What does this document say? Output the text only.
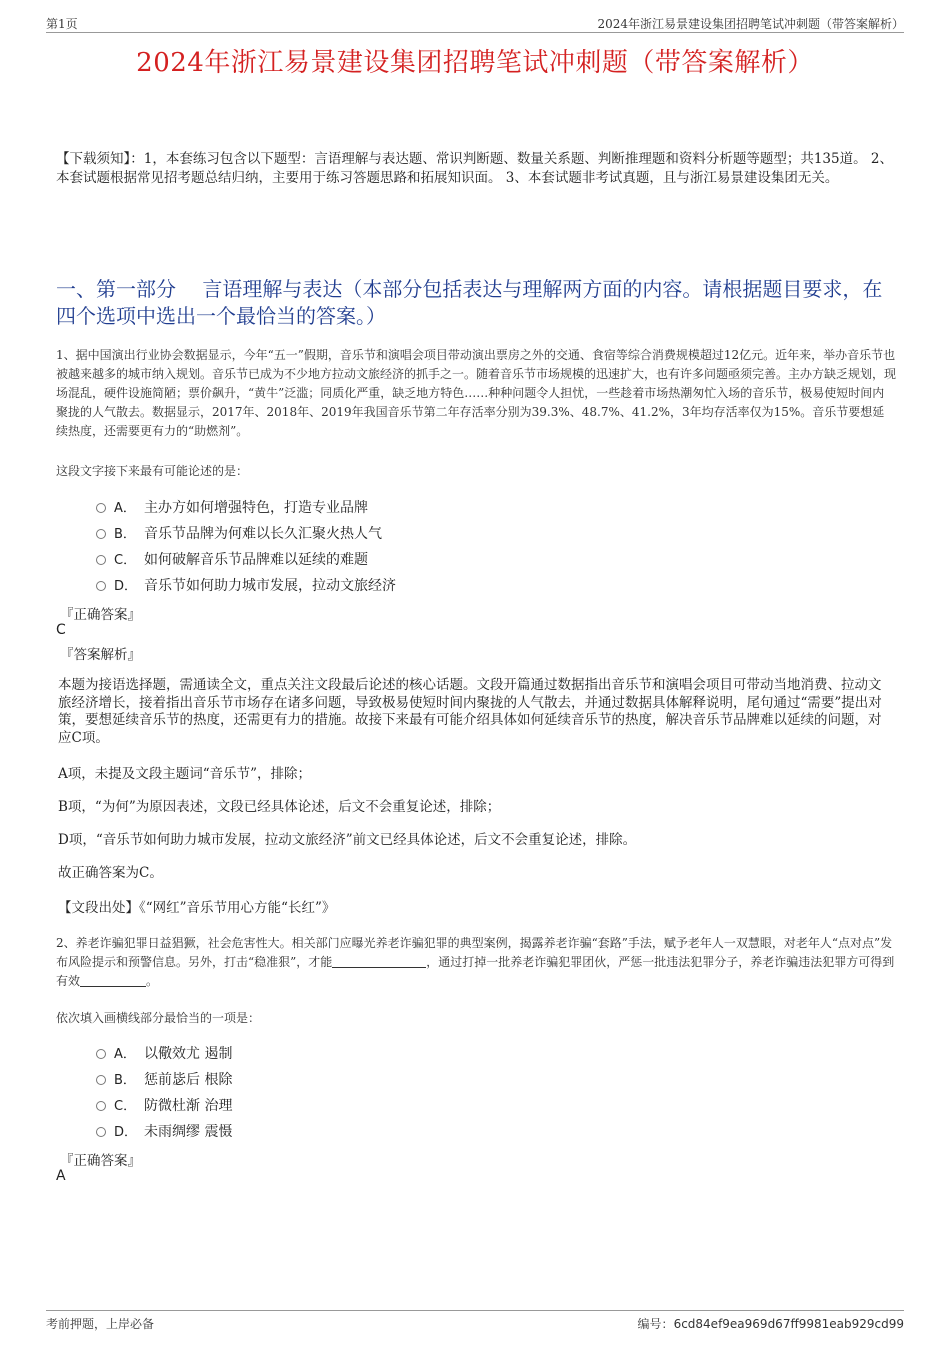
第1页	2024年浙江易景建设集团招聘笔试冲刺题（带答案解析）
2024年浙江易景建设集团招聘笔试冲刺题（带答案解析）
【下载须知】：1，本套练习包含以下题型：言语理解与表达题、常识判断题、数量关系题、判断推理题和资料分析题等题型；共135道。 2、本套试题根据常见招考题总结归纳，主要用于练习答题思路和拓展知识面。 3、本套试题非考试真题，且与浙江易景建设集团无关。
一、第一部分　 言语理解与表达（本部分包括表达与理解两方面的内容。请根据题目要求，在四个选项中选出一个最恰当的答案。）
1、据中国演出行业协会数据显示，今年“五一”假期，音乐节和演唱会项目带动演出票房之外的交通、食宿等综合消费规模超过12亿元。近年来，举办音乐节也被越来越多的城市纳入规划。音乐节已成为不少地方拉动文旅经济的抓手之一。随着音乐节市场规模的迅速扩大，也有许多问题亟须完善。主办方缺乏规划，现场混乱，硬件设施简陋；票价飙升，“黄牛”泛滥；同质化严重，缺乏地方特色……种种问题令人担忧，一些趁着市场热潮匆忙入场的音乐节，极易使短时间内聚拢的人气散去。数据显示，2017年、2018年、2019年我国音乐节第二年存活率分别为39.3%、48.7%、41.2%，3年均存活率仅为15%。音乐节要想延续热度，还需要更有力的“助燃剂”。
这段文字接下来最有可能论述的是：
A． 主办方如何增强特色，打造专业品牌
B． 音乐节品牌为何难以长久汇聚火热人气
C． 如何破解音乐节品牌难以延续的难题
D． 音乐节如何助力城市发展，拉动文旅经济
『正确答案』
C
『答案解析』
本题为接语选择题，需通读全文，重点关注文段最后论述的核心话题。文段开篇通过数据指出音乐节和演唱会项目可带动当地消费、拉动文旅经济增长，接着指出音乐节市场存在诸多问题，导致极易使短时间内聚拢的人气散去，并通过数据具体解释说明，尾句通过“需要”提出对策，要想延续音乐节的热度，还需更有力的措施。故接下来最有可能介绍具体如何延续音乐节的热度，解决音乐节品牌难以延续的问题，对应C项。
A项，未提及文段主题词“音乐节”，排除；
B项，“为何”为原因表述，文段已经具体论述，后文不会重复论述，排除；
D项，“音乐节如何助力城市发展，拉动文旅经济”前文已经具体论述，后文不会重复论述，排除。
故正确答案为C。
【文段出处】《“网红”音乐节用心方能“长红”》
2、养老诈骗犯罪日益猖獗，社会危害性大。相关部门应曝光养老诈骗犯罪的典型案例，揭露养老诈骗“套路”手法，赋予老年人一双慧眼，对老年人“点对点”发布风险提示和预警信息。另外，打击“稳准狠”，才能	，通过打掉一批养老诈骗犯罪团伙，严惩一批违法犯罪分子，养老诈骗违法犯罪方可得到有效	。
依次填入画横线部分最恰当的一项是：
A． 以儆效尤 遏制
B． 惩前毖后 根除
C． 防微杜渐 治理
D． 未雨绸缪 震慑
『正确答案』
A
考前押题，上岸必备	编号：6cd84ef9ea969d67ff9981eab929cd99
